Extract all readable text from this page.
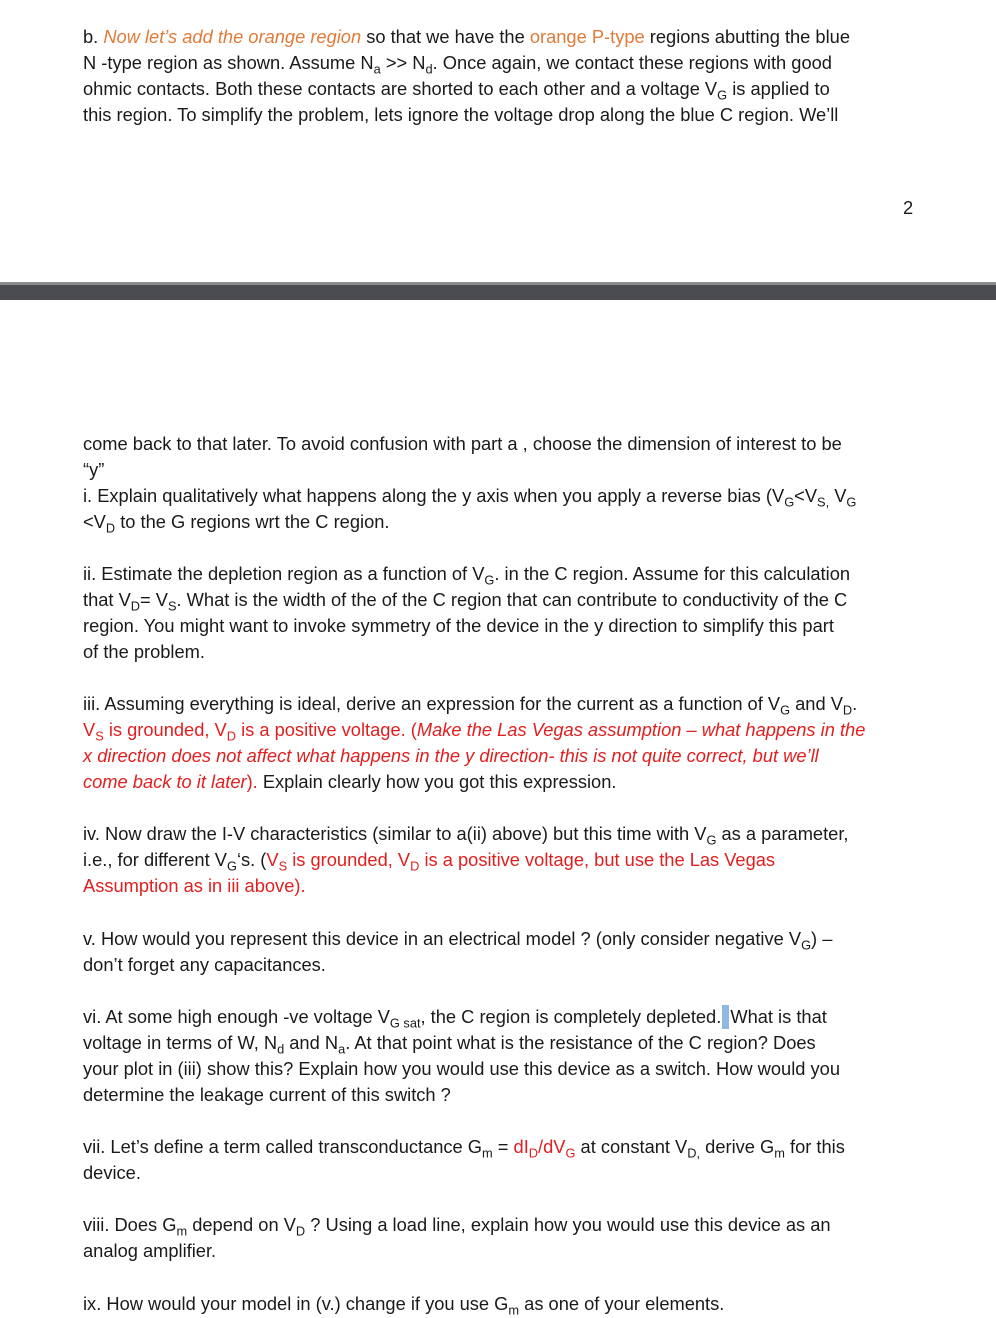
b. Now let’s add the orange region so that we have the orange P-type regions abutting the blue
N -type region as shown. Assume $N_a >> N_d$. Once again, we contact these regions with good
ohmic contacts. Both these contacts are shorted to each other and a voltage $V_G$ is applied to
this region. To simplify the problem, lets ignore the voltage drop along the blue C region. We’ll

2

come back to that later. To avoid confusion with part a , choose the dimension of interest to be
“y”
i. Explain qualitatively what happens along the y axis when you apply a reverse bias ($V_G<V_{S,}$ $V_G$
$<V_D$ to the G regions wrt the C region.
ii. Estimate the depletion region as a function of $V_G$. in the C region. Assume for this calculation
that $V_D= V_S$. What is the width of the of the C region that can contribute to conductivity of the C
region. You might want to invoke symmetry of the device in the y direction to simplify this part
of the problem.
iii. Assuming everything is ideal, derive an expression for the current as a function of $V_G$ and $V_D$.
$V_S$ is grounded, $V_D$ is a positive voltage. (Make the Las Vegas assumption – what happens in the
x direction does not affect what happens in the y direction- this is not quite correct, but we’ll
come back to it later). Explain clearly how you got this expression.
iv. Now draw the I-V characteristics (similar to a(ii) above) but this time with $V_G$ as a parameter,
i.e., for different $V_G‘s$. ($V_S$ is grounded, $V_D$ is a positive voltage, but use the Las Vegas
Assumption as in iii above).
v. How would you represent this device in an electrical model ? (only consider negative $V_G$) –
don’t forget any capacitances.
vi. At some high enough -ve voltage $V_{G sat}$, the C region is completely depleted. What is that
voltage in terms of W, $N_d$ and $N_a$. At that point what is the resistance of the C region? Does
your plot in (iii) show this? Explain how you would use this device as a switch. How would you
determine the leakage current of this switch ?
vii. Let’s define a term called transconductance $G_m = dI_D/dV_G$ at constant $V_{D,}$ derive $G_m$ for this
device.
viii. Does $G_m$ depend on $V_D$ ? Using a load line, explain how you would use this device as an
analog amplifier.
ix. How would your model in (v.) change if you use $G_m$ as one of your elements.
